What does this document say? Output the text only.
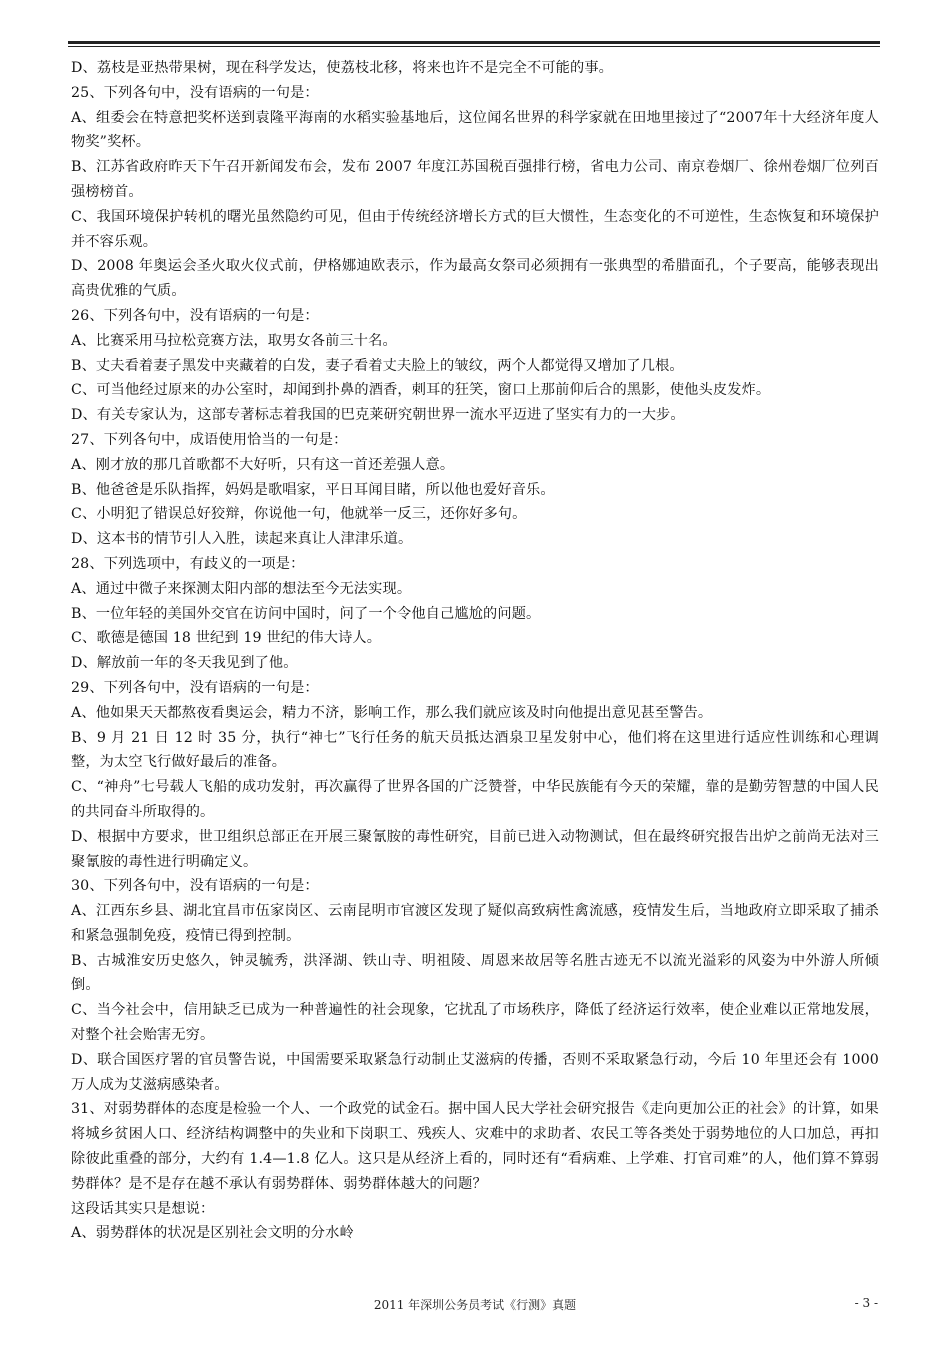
D、荔枝是亚热带果树，现在科学发达，使荔枝北移，将来也许不是完全不可能的事。

25、下列各句中，没有语病的一句是：

A、组委会在特意把奖杯送到袁隆平海南的水稻实验基地后，这位闻名世界的科学家就在田地里接过了“2007年十大经济年度人物奖”奖杯。

B、江苏省政府昨天下午召开新闻发布会，发布 2007 年度江苏国税百强排行榜，省电力公司、南京卷烟厂、徐州卷烟厂位列百强榜榜首。

C、我国环境保护转机的曙光虽然隐约可见，但由于传统经济增长方式的巨大惯性，生态变化的不可逆性，生态恢复和环境保护并不容乐观。

D、2008 年奥运会圣火取火仪式前，伊格娜迪欧表示，作为最高女祭司必须拥有一张典型的希腊面孔，个子要高，能够表现出高贵优雅的气质。

26、下列各句中，没有语病的一句是：

A、比赛采用马拉松竞赛方法，取男女各前三十名。

B、丈夫看着妻子黑发中夹藏着的白发，妻子看着丈夫脸上的皱纹，两个人都觉得又增加了几根。

C、可当他经过原来的办公室时，却闻到扑鼻的酒香，刺耳的狂笑，窗口上那前仰后合的黑影，使他头皮发炸。

D、有关专家认为，这部专著标志着我国的巴克莱研究朝世界一流水平迈进了坚实有力的一大步。

27、下列各句中，成语使用恰当的一句是：

A、刚才放的那几首歌都不大好听，只有这一首还差强人意。

B、他爸爸是乐队指挥，妈妈是歌唱家，平日耳闻目睹，所以他也爱好音乐。

C、小明犯了错误总好狡辩，你说他一句，他就举一反三，还你好多句。

D、这本书的情节引人入胜，读起来真让人津津乐道。

28、下列选项中，有歧义的一项是：

A、通过中微子来探测太阳内部的想法至今无法实现。

B、一位年轻的美国外交官在访问中国时，问了一个令他自己尴尬的问题。

C、歌德是德国 18 世纪到 19 世纪的伟大诗人。

D、解放前一年的冬天我见到了他。

29、下列各句中，没有语病的一句是：

A、他如果天天都熬夜看奥运会，精力不济，影响工作，那么我们就应该及时向他提出意见甚至警告。

B、9 月 21 日 12 时 35 分，执行“神七”飞行任务的航天员抵达酒泉卫星发射中心，他们将在这里进行适应性训练和心理调整，为太空飞行做好最后的准备。

C、“神舟”七号载人飞船的成功发射，再次赢得了世界各国的广泛赞誉，中华民族能有今天的荣耀，靠的是勤劳智慧的中国人民的共同奋斗所取得的。

D、根据中方要求，世卫组织总部正在开展三聚氰胺的毒性研究，目前已进入动物测试，但在最终研究报告出炉之前尚无法对三聚氰胺的毒性进行明确定义。

30、下列各句中，没有语病的一句是：

A、江西东乡县、湖北宜昌市伍家岗区、云南昆明市官渡区发现了疑似高致病性禽流感，疫情发生后，当地政府立即采取了捕杀和紧急强制免疫，疫情已得到控制。

B、古城淮安历史悠久，钟灵毓秀，洪泽湖、铁山寺、明祖陵、周恩来故居等名胜古迹无不以流光溢彩的风姿为中外游人所倾倒。

C、当今社会中，信用缺乏已成为一种普遍性的社会现象，它扰乱了市场秩序，降低了经济运行效率，使企业难以正常地发展，对整个社会贻害无穷。

D、联合国医疗署的官员警告说，中国需要采取紧急行动制止艾滋病的传播，否则不采取紧急行动，今后 10 年里还会有 1000 万人成为艾滋病感染者。

31、对弱势群体的态度是检验一个人、一个政党的试金石。据中国人民大学社会研究报告《走向更加公正的社会》的计算，如果将城乡贫困人口、经济结构调整中的失业和下岗职工、残疾人、灾难中的求助者、农民工等各类处于弱势地位的人口加总，再扣除彼此重叠的部分，大约有 1.4—1.8 亿人。这只是从经济上看的，同时还有“看病难、上学难、打官司难”的人，他们算不算弱势群体？是不是存在越不承认有弱势群体、弱势群体越大的问题？

这段话其实只是想说：

A、弱势群体的状况是区别社会文明的分水岭

2011 年深圳公务员考试《行测》真题	- 3 -
